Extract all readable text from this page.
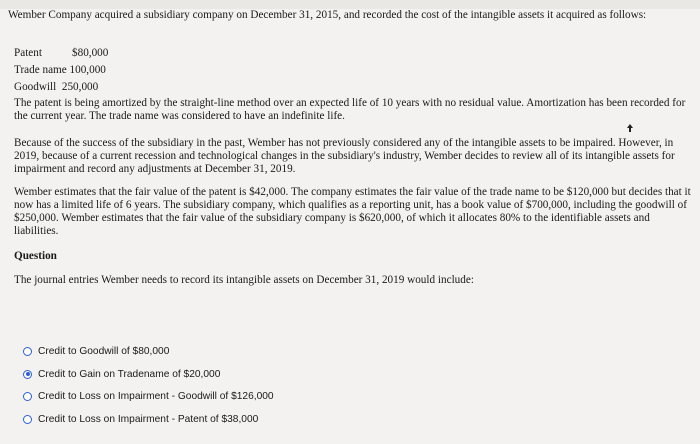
Wember Company acquired a subsidiary company on December 31, 2015, and recorded the cost of the intangible assets it acquired as follows:

Patent	$80,000
Trade name 100,000
Goodwill 250,000

The patent is being amortized by the straight-line method over an expected life of 10 years with no residual value. Amortization has been recorded for the current year. The trade name was considered to have an indefinite life.

Because of the success of the subsidiary in the past, Wember has not previously considered any of the intangible assets to be impaired. However, in 2019, because of a current recession and technological changes in the subsidiary's industry, Wember decides to review all of its intangible assets for impairment and record any adjustments at December 31, 2019.

Wember estimates that the fair value of the patent is $42,000. The company estimates the fair value of the trade name to be $120,000 but decides that it now has a limited life of 6 years. The subsidiary company, which qualifies as a reporting unit, has a book value of $700,000, including the goodwill of $250,000. Wember estimates that the fair value of the subsidiary company is $620,000, of which it allocates 80% to the identifiable assets and liabilities.

Question

The journal entries Wember needs to record its intangible assets on December 31, 2019 would include:

Credit to Goodwill of $80,000
Credit to Gain on Tradename of $20,000
Credit to Loss on Impairment - Goodwill of $126,000
Credit to Loss on Impairment - Patent of $38,000
